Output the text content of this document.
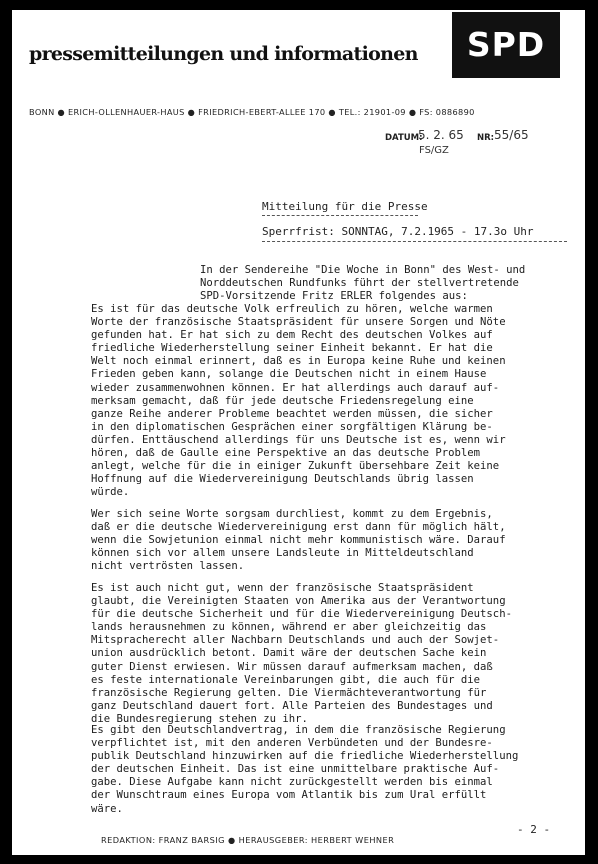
pressemitteilungen und informationen	SPD
BONN ● ERICH-OLLENHAUER-HAUS ● FRIEDRICH-EBERT-ALLEE 170 ● TEL.: 21901-09 ● FS: 0886890
DATUM:
5. 2. 65 NR: 55/65
FS/GZ
Mitteilung für die Presse
Sperrfrist: SONNTAG, 7.2.1965 - 17.3o Uhr
In der Sendereihe "Die Woche in Bonn" des West- und
Norddeutschen Rundfunks führt der stellvertretende
SPD-Vorsitzende Fritz ERLER folgendes aus:
Es ist für das deutsche Volk erfreulich zu hören, welche warmen
Worte der französische Staatspräsident für unsere Sorgen und Nöte
gefunden hat. Er hat sich zu dem Recht des deutschen Volkes auf
friedliche Wiederherstellung seiner Einheit bekannt. Er hat die
Welt noch einmal erinnert, daß es in Europa keine Ruhe und keinen
Frieden geben kann, solange die Deutschen nicht in einem Hause
wieder zusammenwohnen können. Er hat allerdings auch darauf auf-
merksam gemacht, daß für jede deutsche Friedensregelung eine
ganze Reihe anderer Probleme beachtet werden müssen, die sicher
in den diplomatischen Gesprächen einer sorgfältigen Klärung be-
dürfen. Enttäuschend allerdings für uns Deutsche ist es, wenn wir
hören, daß de Gaulle eine Perspektive an das deutsche Problem
anlegt, welche für die in einiger Zukunft übersehbare Zeit keine
Hoffnung auf die Wiedervereinigung Deutschlands übrig lassen
würde.
Wer sich seine Worte sorgsam durchliest, kommt zu dem Ergebnis,
daß er die deutsche Wiedervereinigung erst dann für möglich hält,
wenn die Sowjetunion einmal nicht mehr kommunistisch wäre. Darauf
können sich vor allem unsere Landsleute in Mitteldeutschland
nicht vertrösten lassen.
Es ist auch nicht gut, wenn der französische Staatspräsident
glaubt, die Vereinigten Staaten von Amerika aus der Verantwortung
für die deutsche Sicherheit und für die Wiedervereinigung Deutsch-
lands herausnehmen zu können, während er aber gleichzeitig das
Mitspracherecht aller Nachbarn Deutschlands und auch der Sowjet-
union ausdrücklich betont. Damit wäre der deutschen Sache kein
guter Dienst erwiesen. Wir müssen darauf aufmerksam machen, daß
es feste internationale Vereinbarungen gibt, die auch für die
französische Regierung gelten. Die Viermächteverantwortung für
ganz Deutschland dauert fort. Alle Parteien des Bundestages und
die Bundesregierung stehen zu ihr.
Es gibt den Deutschlandvertrag, in dem die französische Regierung
verpflichtet ist, mit den anderen Verbündeten und der Bundesre-
publik Deutschland hinzuwirken auf die friedliche Wiederherstellung
der deutschen Einheit. Das ist eine unmittelbare praktische Auf-
gabe. Diese Aufgabe kann nicht zurückgestellt werden bis einmal
der Wunschtraum eines Europa vom Atlantik bis zum Ural erfüllt
wäre.
- 2 -
REDAKTION: FRANZ BARSIG ● HERAUSGEBER: HERBERT WEHNER
